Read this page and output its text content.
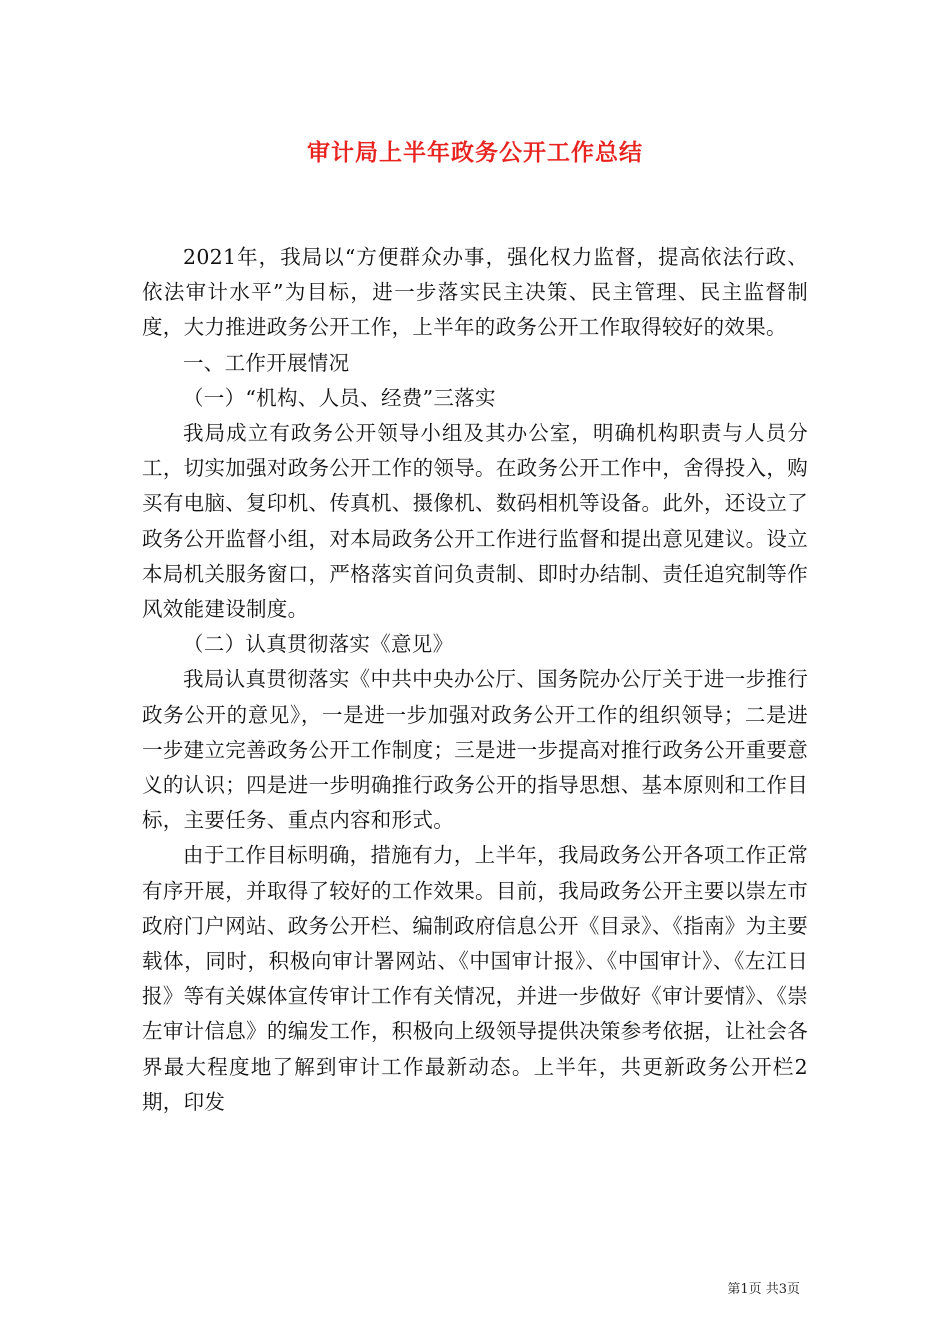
审计局上半年政务公开工作总结

2021年，我局以“方便群众办事，强化权力监督，提高依法行政、依法审计水平”为目标，进一步落实民主决策、民主管理、民主监督制度，大力推进政务公开工作，上半年的政务公开工作取得较好的效果。

一、工作开展情况

（一）“机构、人员、经费”三落实

我局成立有政务公开领导小组及其办公室，明确机构职责与人员分工，切实加强对政务公开工作的领导。在政务公开工作中，舍得投入，购买有电脑、复印机、传真机、摄像机、数码相机等设备。此外，还设立了政务公开监督小组，对本局政务公开工作进行监督和提出意见建议。设立本局机关服务窗口，严格落实首问负责制、即时办结制、责任追究制等作风效能建设制度。

（二）认真贯彻落实《意见》

我局认真贯彻落实《中共中央办公厅、国务院办公厅关于进一步推行政务公开的意见》，一是进一步加强对政务公开工作的组织领导；二是进一步建立完善政务公开工作制度；三是进一步提高对推行政务公开重要意义的认识；四是进一步明确推行政务公开的指导思想、基本原则和工作目标，主要任务、重点内容和形式。

由于工作目标明确，措施有力，上半年，我局政务公开各项工作正常有序开展，并取得了较好的工作效果。目前，我局政务公开主要以崇左市政府门户网站、政务公开栏、编制政府信息公开《目录》、《指南》为主要载体，同时，积极向审计署网站、《中国审计报》、《中国审计》、《左江日报》等有关媒体宣传审计工作有关情况，并进一步做好《审计要情》、《崇左审计信息》的编发工作，积极向上级领导提供决策参考依据，让社会各界最大程度地了解到审计工作最新动态。上半年，共更新政务公开栏2期，印发

第1页 共3页
